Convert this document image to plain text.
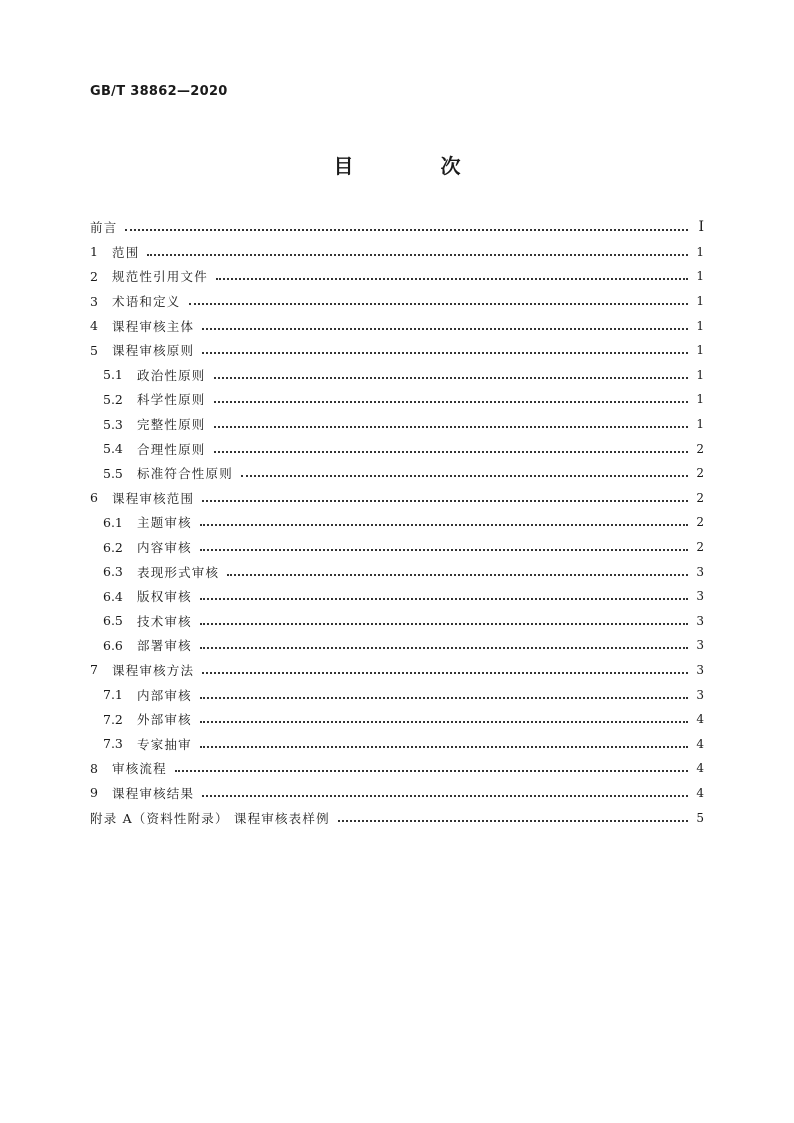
GB/T 38862—2020
目 次
前言	I
1	范围	1
2	规范性引用文件	1
3	术语和定义	1
4	课程审核主体	1
5	课程审核原则	1
5.1	政治性原则	1
5.2	科学性原则	1
5.3	完整性原则	1
5.4	合理性原则	2
5.5	标准符合性原则	2
6	课程审核范围	2
6.1	主题审核	2
6.2	内容审核	2
6.3	表现形式审核	3
6.4	版权审核	3
6.5	技术审核	3
6.6	部署审核	3
7	课程审核方法	3
7.1	内部审核	3
7.2	外部审核	4
7.3	专家抽审	4
8	审核流程	4
9	课程审核结果	4
附录 A（资料性附录） 课程审核表样例	5
